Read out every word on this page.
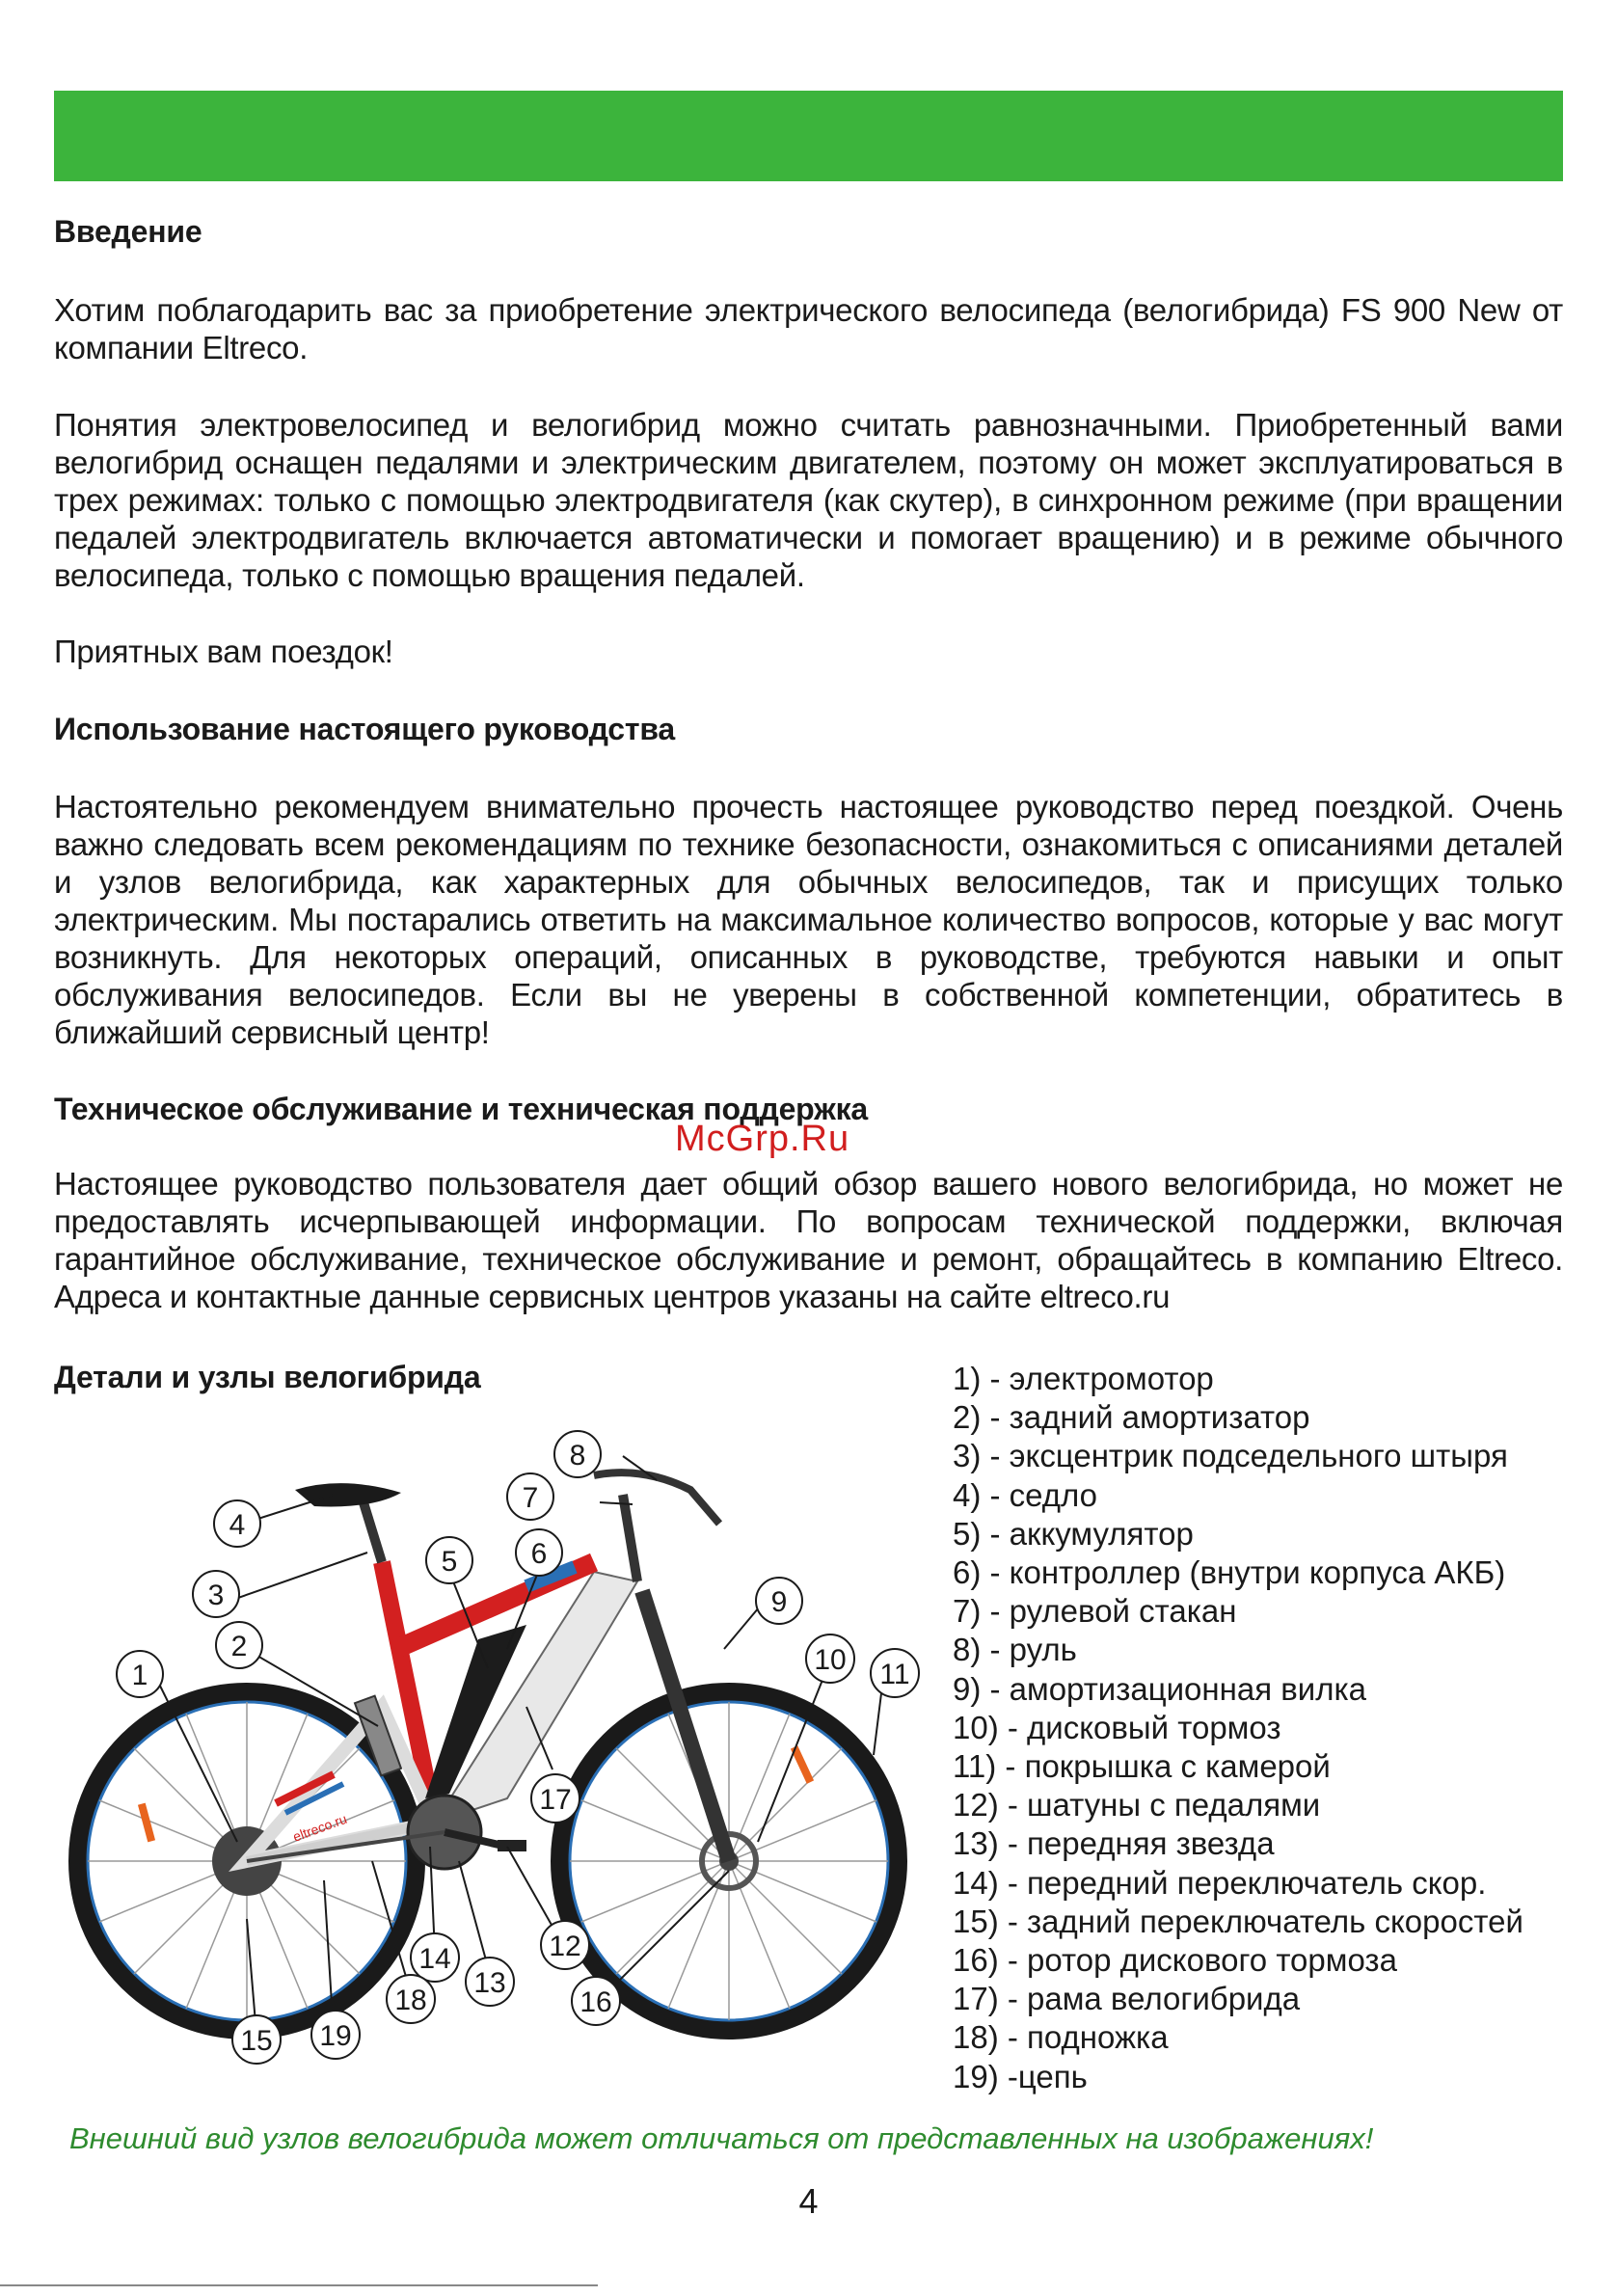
Введение

Хотим поблагодарить вас за приобретение электрического велосипеда (велогибрида) FS 900 New от компании Eltreco.

Понятия электровелосипед и велогибрид можно считать равнозначными. Приобретенный вами велогибрид оснащен педалями и электрическим двигателем, поэтому он может эксплуатироваться в трех режимах: только с помощью электродвигателя (как скутер), в синхронном режиме (при вращении педалей электродвигатель включается автоматически и помогает вращению) и в режиме обычного велосипеда, только с помощью вращения педалей.

Приятных вам поездок!

Использование настоящего руководства

Настоятельно рекомендуем внимательно прочесть настоящее руководство перед поездкой. Очень важно следовать всем рекомендациям по технике безопасности, ознакомиться с описаниями деталей и узлов велогибрида, как характерных для обычных велосипедов, так и присущих только электрическим. Мы постарались ответить на максимальное количество вопросов, которые у вас могут возникнуть. Для некоторых операций, описанных в руководстве, требуются навыки и опыт обслуживания велосипедов. Если вы не уверены в собственной компетенции, обратитесь в ближайший сервисный центр!

Техническое обслуживание и техническая поддержка
McGrp.Ru

Настоящее руководство пользователя дает общий обзор вашего нового велогибрида, но может не предоставлять исчерпывающей информации. По вопросам технической поддержки, включая гарантийное обслуживание, техническое обслуживание и ремонт, обращайтесь в компанию Eltreco. Адреса и контактные данные сервисных центров указаны на сайте eltreco.ru

Детали и узлы велогибрида
eltreco.ru
1
2
3
4
5	6
7
8
9
10 11
12
13
14
15
16
17
18
19
1) - электромотор
2) - задний амортизатор
3) - эксцентрик подседельного штыря
4) - седло
5) - аккумулятор
6) - контроллер (внутри корпуса АКБ)
7) - рулевой стакан
8) - руль
9) - амортизационная вилка
10) - дисковый тормоз
11) - покрышка с камерой
12) - шатуны с педалями
13) - передняя звезда
14) - передний переключатель скор.
15) - задний переключатель скоростей
16) - ротор дискового тормоза
17) - рама велогибрида
18) - подножка
19) -цепь
Внешний вид узлов велогибрида может отличаться от представленных на изображениях!
4
